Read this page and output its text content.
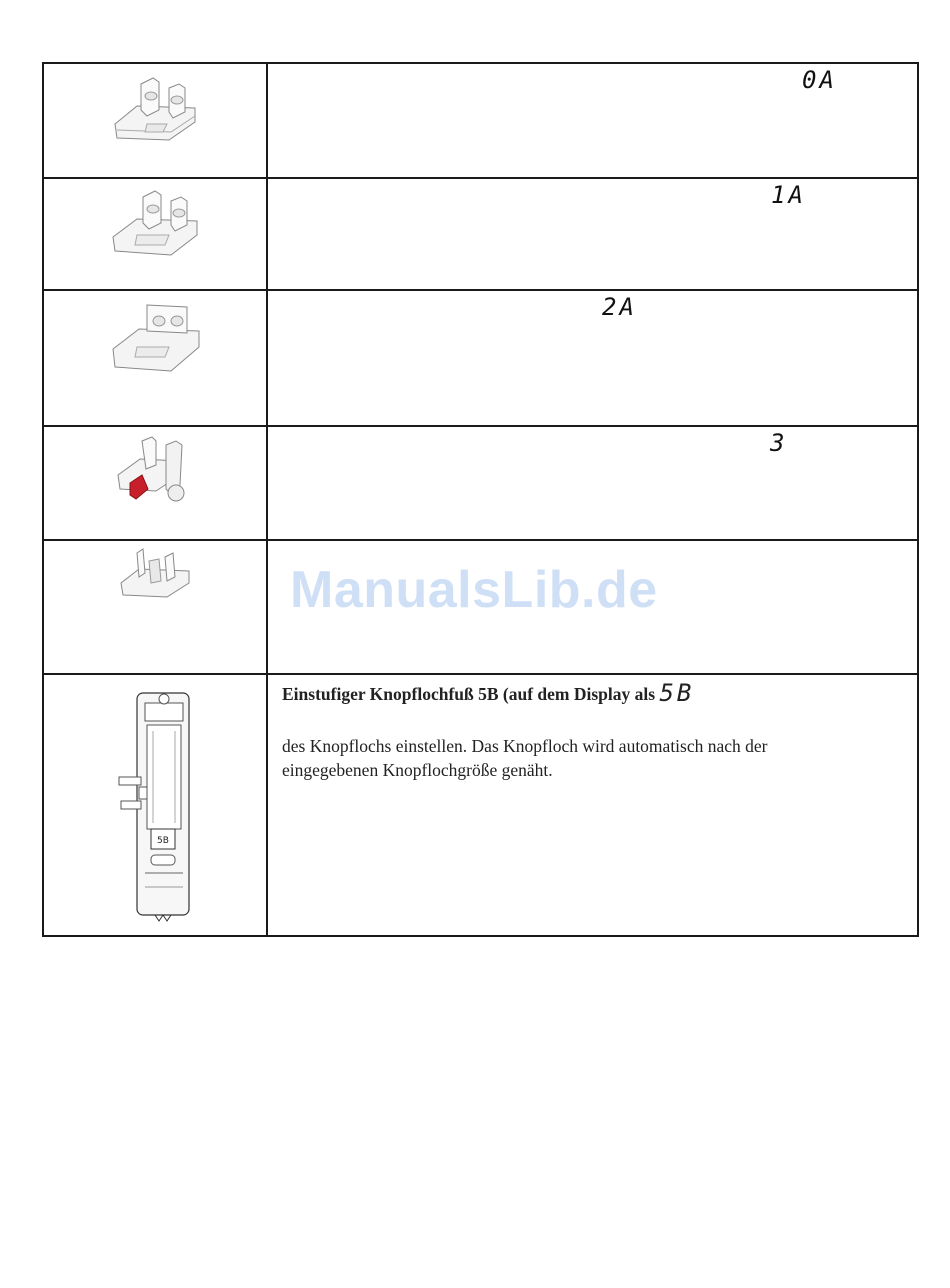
0A

1A

2A

3

5B	Einstufiger Knopflochfuß 5B (auf dem Display als 5B
des Knopflochs einstellen. Das Knopfloch wird automatisch nach der
eingegebenen Knopflochgröße genäht.
ManualsLib.de
